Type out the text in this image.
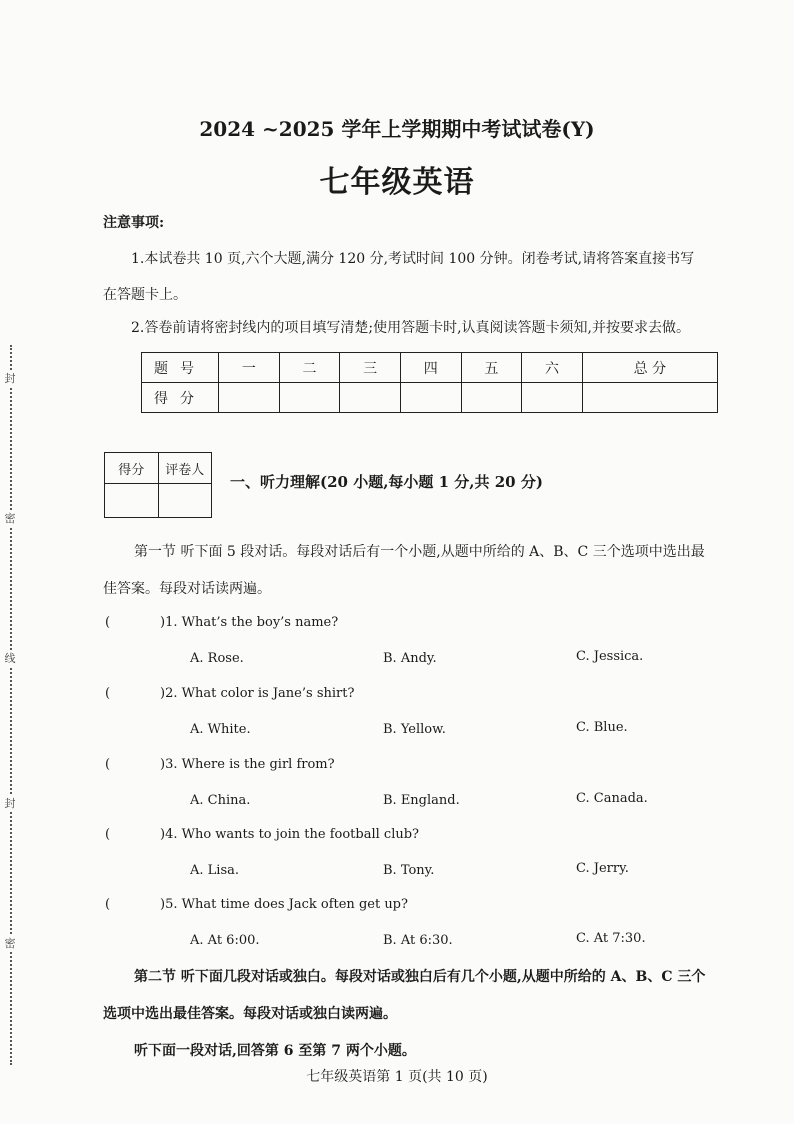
封
密
线
封
密
2024 ~2025 学年上学期期中考试试卷(Y)
七年级英语
注意事项:
1.本试卷共 10 页,六个大题,满分 120 分,考试时间 100 分钟。闭卷考试,请将答案直接书写
在答题卡上。
2.答卷前请将密封线内的项目填写清楚;使用答题卡时,认真阅读答题卡须知,并按要求去做。
题号	一	二	三	四	五	六	总 分
得分							
得分	评卷人

一、听力理解(20 小题,每小题 1 分,共 20 分)
第一节 听下面 5 段对话。每段对话后有一个小题,从题中所给的 A、B、C 三个选项中选出最
佳答案。每段对话读两遍。
(	)1. What’s the boy’s name?
A. Rose.	B. Andy.	C. Jessica.
(	)2. What color is Jane’s shirt?
A. White.	B. Yellow.	C. Blue.
(	)3. Where is the girl from?
A. China.	B. England.	C. Canada.
(	)4. Who wants to join the football club?
A. Lisa.	B. Tony.	C. Jerry.
(	)5. What time does Jack often get up?
A. At 6:00.	B. At 6:30.	C. At 7:30.
第二节 听下面几段对话或独白。每段对话或独白后有几个小题,从题中所给的 A、B、C 三个
选项中选出最佳答案。每段对话或独白读两遍。
听下面一段对话,回答第 6 至第 7 两个小题。
七年级英语第 1 页(共 10 页)
